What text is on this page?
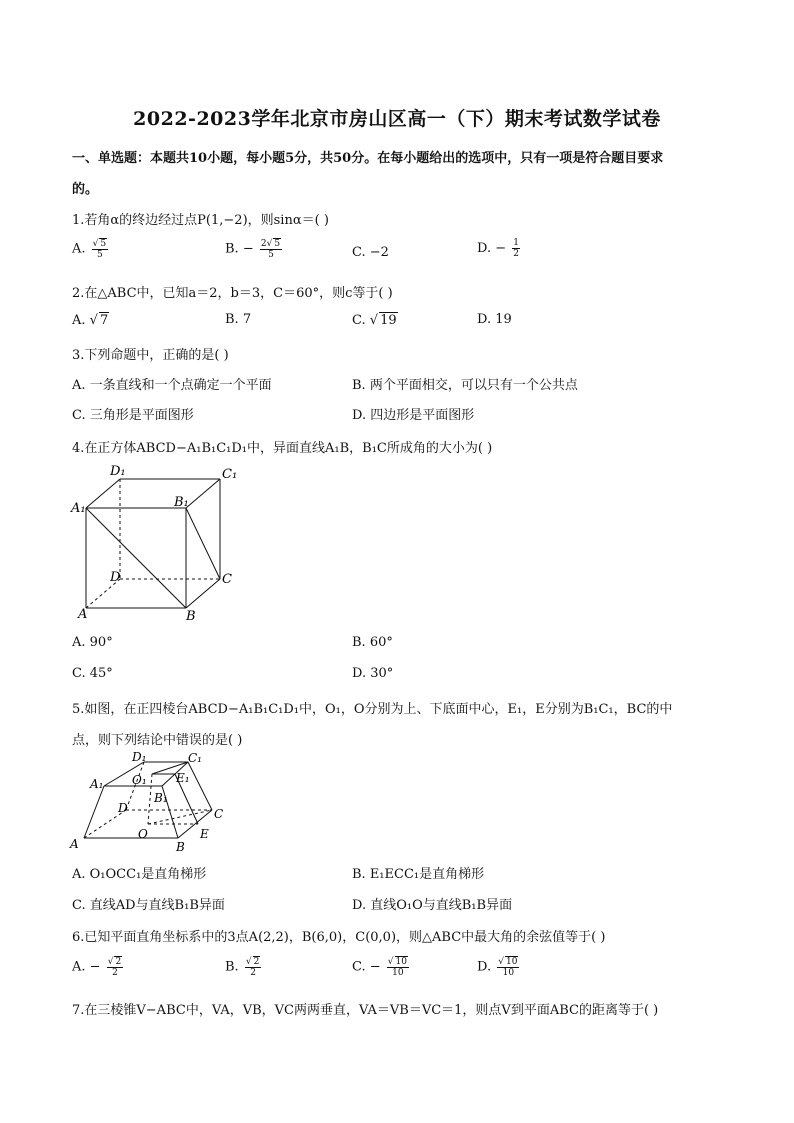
2022-2023学年北京市房山区高一（下）期末考试数学试卷
一、单选题：本题共10小题，每小题5分，共50分。在每小题给出的选项中，只有一项是符合题目要求
的。
1.若角α的终边经过点P(1,−2)，则sinα＝( )
A. $\frac{√ 5}{5}$	B. − $\frac{2√ 5}{5}$	C. −2	D. − $\frac{1}{2}$
2.在△ABC中，已知a＝2，b＝3，C＝60°，则c等于( )
A. √ 7	B. 7	C. √ 19	D. 19
3.下列命题中，正确的是( )
A. 一条直线和一个点确定一个平面	B. 两个平面相交，可以只有一个公共点
C. 三角形是平面图形	D. 四边形是平面图形
4.在正方体ABCD−A₁B₁C₁D₁中，异面直线A₁B，B₁C所成角的大小为( )
D₁	C₁
A₁	B₁
D	C
A	B
A. 90°	B. 60°
C. 45°	D. 30°
5.如图，在正四棱台ABCD−A₁B₁C₁D₁中，O₁，O分别为上、下底面中心，E₁，E分别为B₁C₁，BC的中
点，则下列结论中错误的是( )
D₁	C₁
A₁ O₁ E₁
B₁
D	C
O	E
A	B
A. O₁OCC₁是直角梯形	B. E₁ECC₁是直角梯形
C. 直线AD与直线B₁B异面	D. 直线O₁O与直线B₁B异面
6.已知平面直角坐标系中的3点A(2,2)，B(6,0)，C(0,0)，则△ABC中最大角的余弦值等于( )
A. − $\frac{√ 2}{2}$	B. $\frac{√ 2}{2}$	C. − $\frac{√ 10}{10}$	D. $\frac{√ 10}{10}$
7.在三棱锥V−ABC中，VA，VB，VC两两垂直，VA＝VB＝VC＝1，则点V到平面ABC的距离等于( )
